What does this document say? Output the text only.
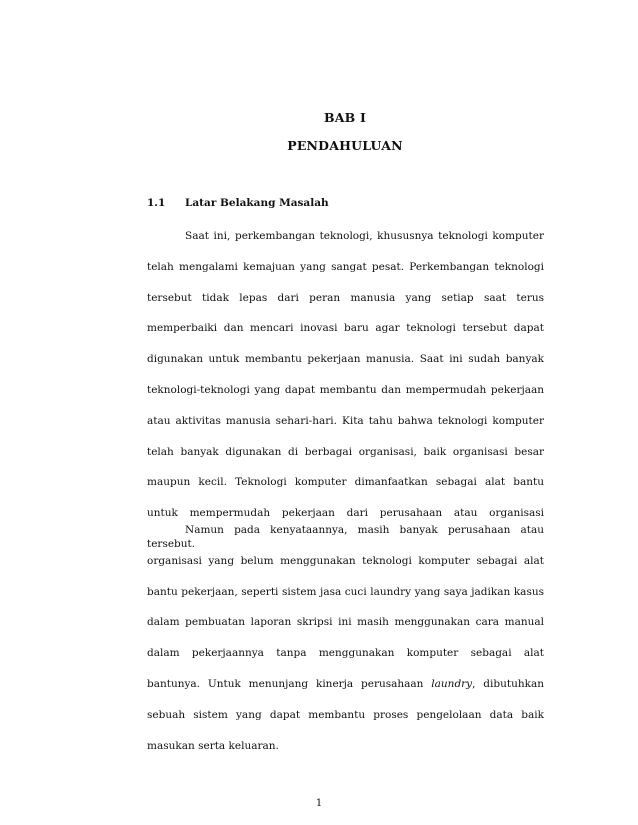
BAB I
PENDAHULUAN
1.1 Latar Belakang Masalah

Saat ini, perkembangan teknologi, khususnya teknologi komputer telah mengalami kemajuan yang sangat pesat. Perkembangan teknologi tersebut tidak lepas dari peran manusia yang setiap saat terus memperbaiki dan mencari inovasi baru agar teknologi tersebut dapat digunakan untuk membantu pekerjaan manusia. Saat ini sudah banyak teknologi-teknologi yang dapat membantu dan mempermudah pekerjaan atau aktivitas manusia sehari-hari. Kita tahu bahwa teknologi komputer telah banyak digunakan di berbagai organisasi, baik organisasi besar maupun kecil. Teknologi komputer dimanfaatkan sebagai alat bantu untuk mempermudah pekerjaan dari perusahaan atau organisasi tersebut.

Namun pada kenyataannya, masih banyak perusahaan atau organisasi yang belum menggunakan teknologi komputer sebagai alat bantu pekerjaan, seperti sistem jasa cuci laundry yang saya jadikan kasus dalam pembuatan laporan skripsi ini masih menggunakan cara manual dalam pekerjaannya tanpa menggunakan komputer sebagai alat bantunya. Untuk menunjang kinerja perusahaan laundry, dibutuhkan sebuah sistem yang dapat membantu proses pengelolaan data baik masukan serta keluaran.

1
